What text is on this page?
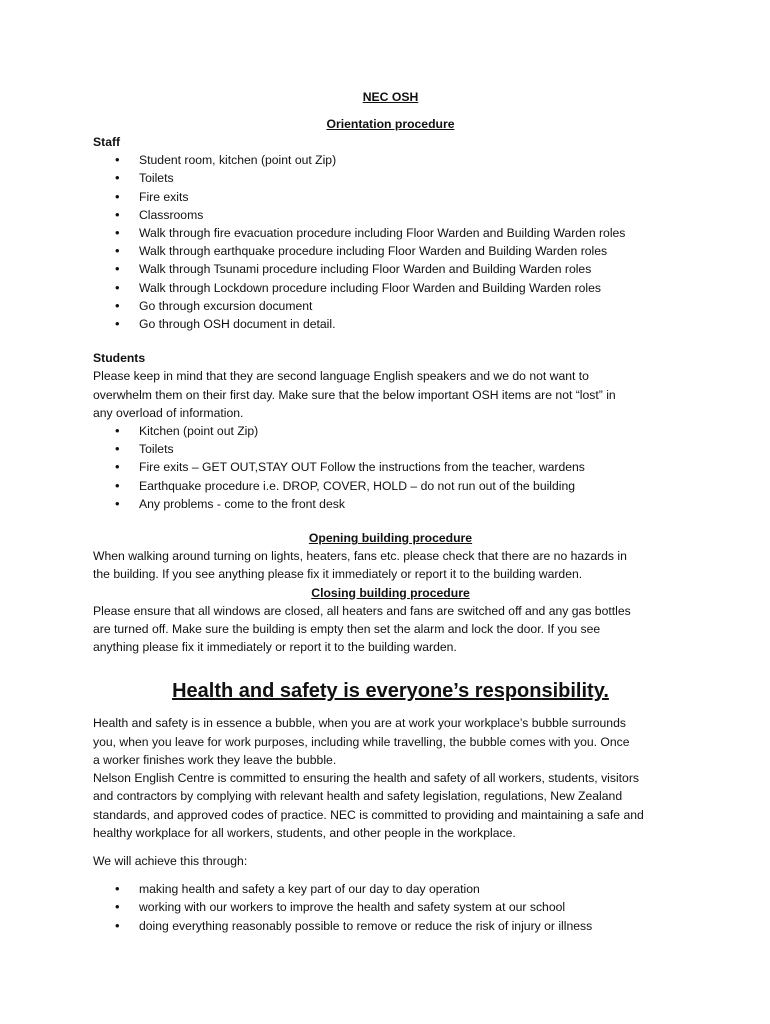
NEC OSH
Orientation procedure
Staff
• Student room, kitchen (point out Zip)
• Toilets
• Fire exits
• Classrooms
• Walk through fire evacuation procedure including Floor Warden and Building Warden roles
• Walk through earthquake procedure including Floor Warden and Building Warden roles
• Walk through Tsunami procedure including Floor Warden and Building Warden roles
• Walk through Lockdown procedure including Floor Warden and Building Warden roles
• Go through excursion document
• Go through OSH document in detail.
Students

Please keep in mind that they are second language English speakers and we do not want to

overwhelm them on their first day. Make sure that the below important OSH items are not “lost” in

any overload of information.

• Kitchen (point out Zip)
• Toilets
• Fire exits – GET OUT,STAY OUT Follow the instructions from the teacher, wardens
• Earthquake procedure i.e. DROP, COVER, HOLD – do not run out of the building
• Any problems - come to the front desk
Opening building procedure

When walking around turning on lights, heaters, fans etc. please check that there are no hazards in

the building. If you see anything please fix it immediately or report it to the building warden.

Closing building procedure

Please ensure that all windows are closed, all heaters and fans are switched off and any gas bottles

are turned off. Make sure the building is empty then set the alarm and lock the door. If you see

anything please fix it immediately or report it to the building warden.

Health and safety is everyone’s responsibility.

Health and safety is in essence a bubble, when you are at work your workplace’s bubble surrounds

you, when you leave for work purposes, including while travelling, the bubble comes with you. Once

a worker finishes work they leave the bubble.

Nelson English Centre is committed to ensuring the health and safety of all workers, students, visitors

and contractors by complying with relevant health and safety legislation, regulations, New Zealand

standards, and approved codes of practice. NEC is committed to providing and maintaining a safe and

healthy workplace for all workers, students, and other people in the workplace.

We will achieve this through:

• making health and safety a key part of our day to day operation
• working with our workers to improve the health and safety system at our school
• doing everything reasonably possible to remove or reduce the risk of injury or illness
